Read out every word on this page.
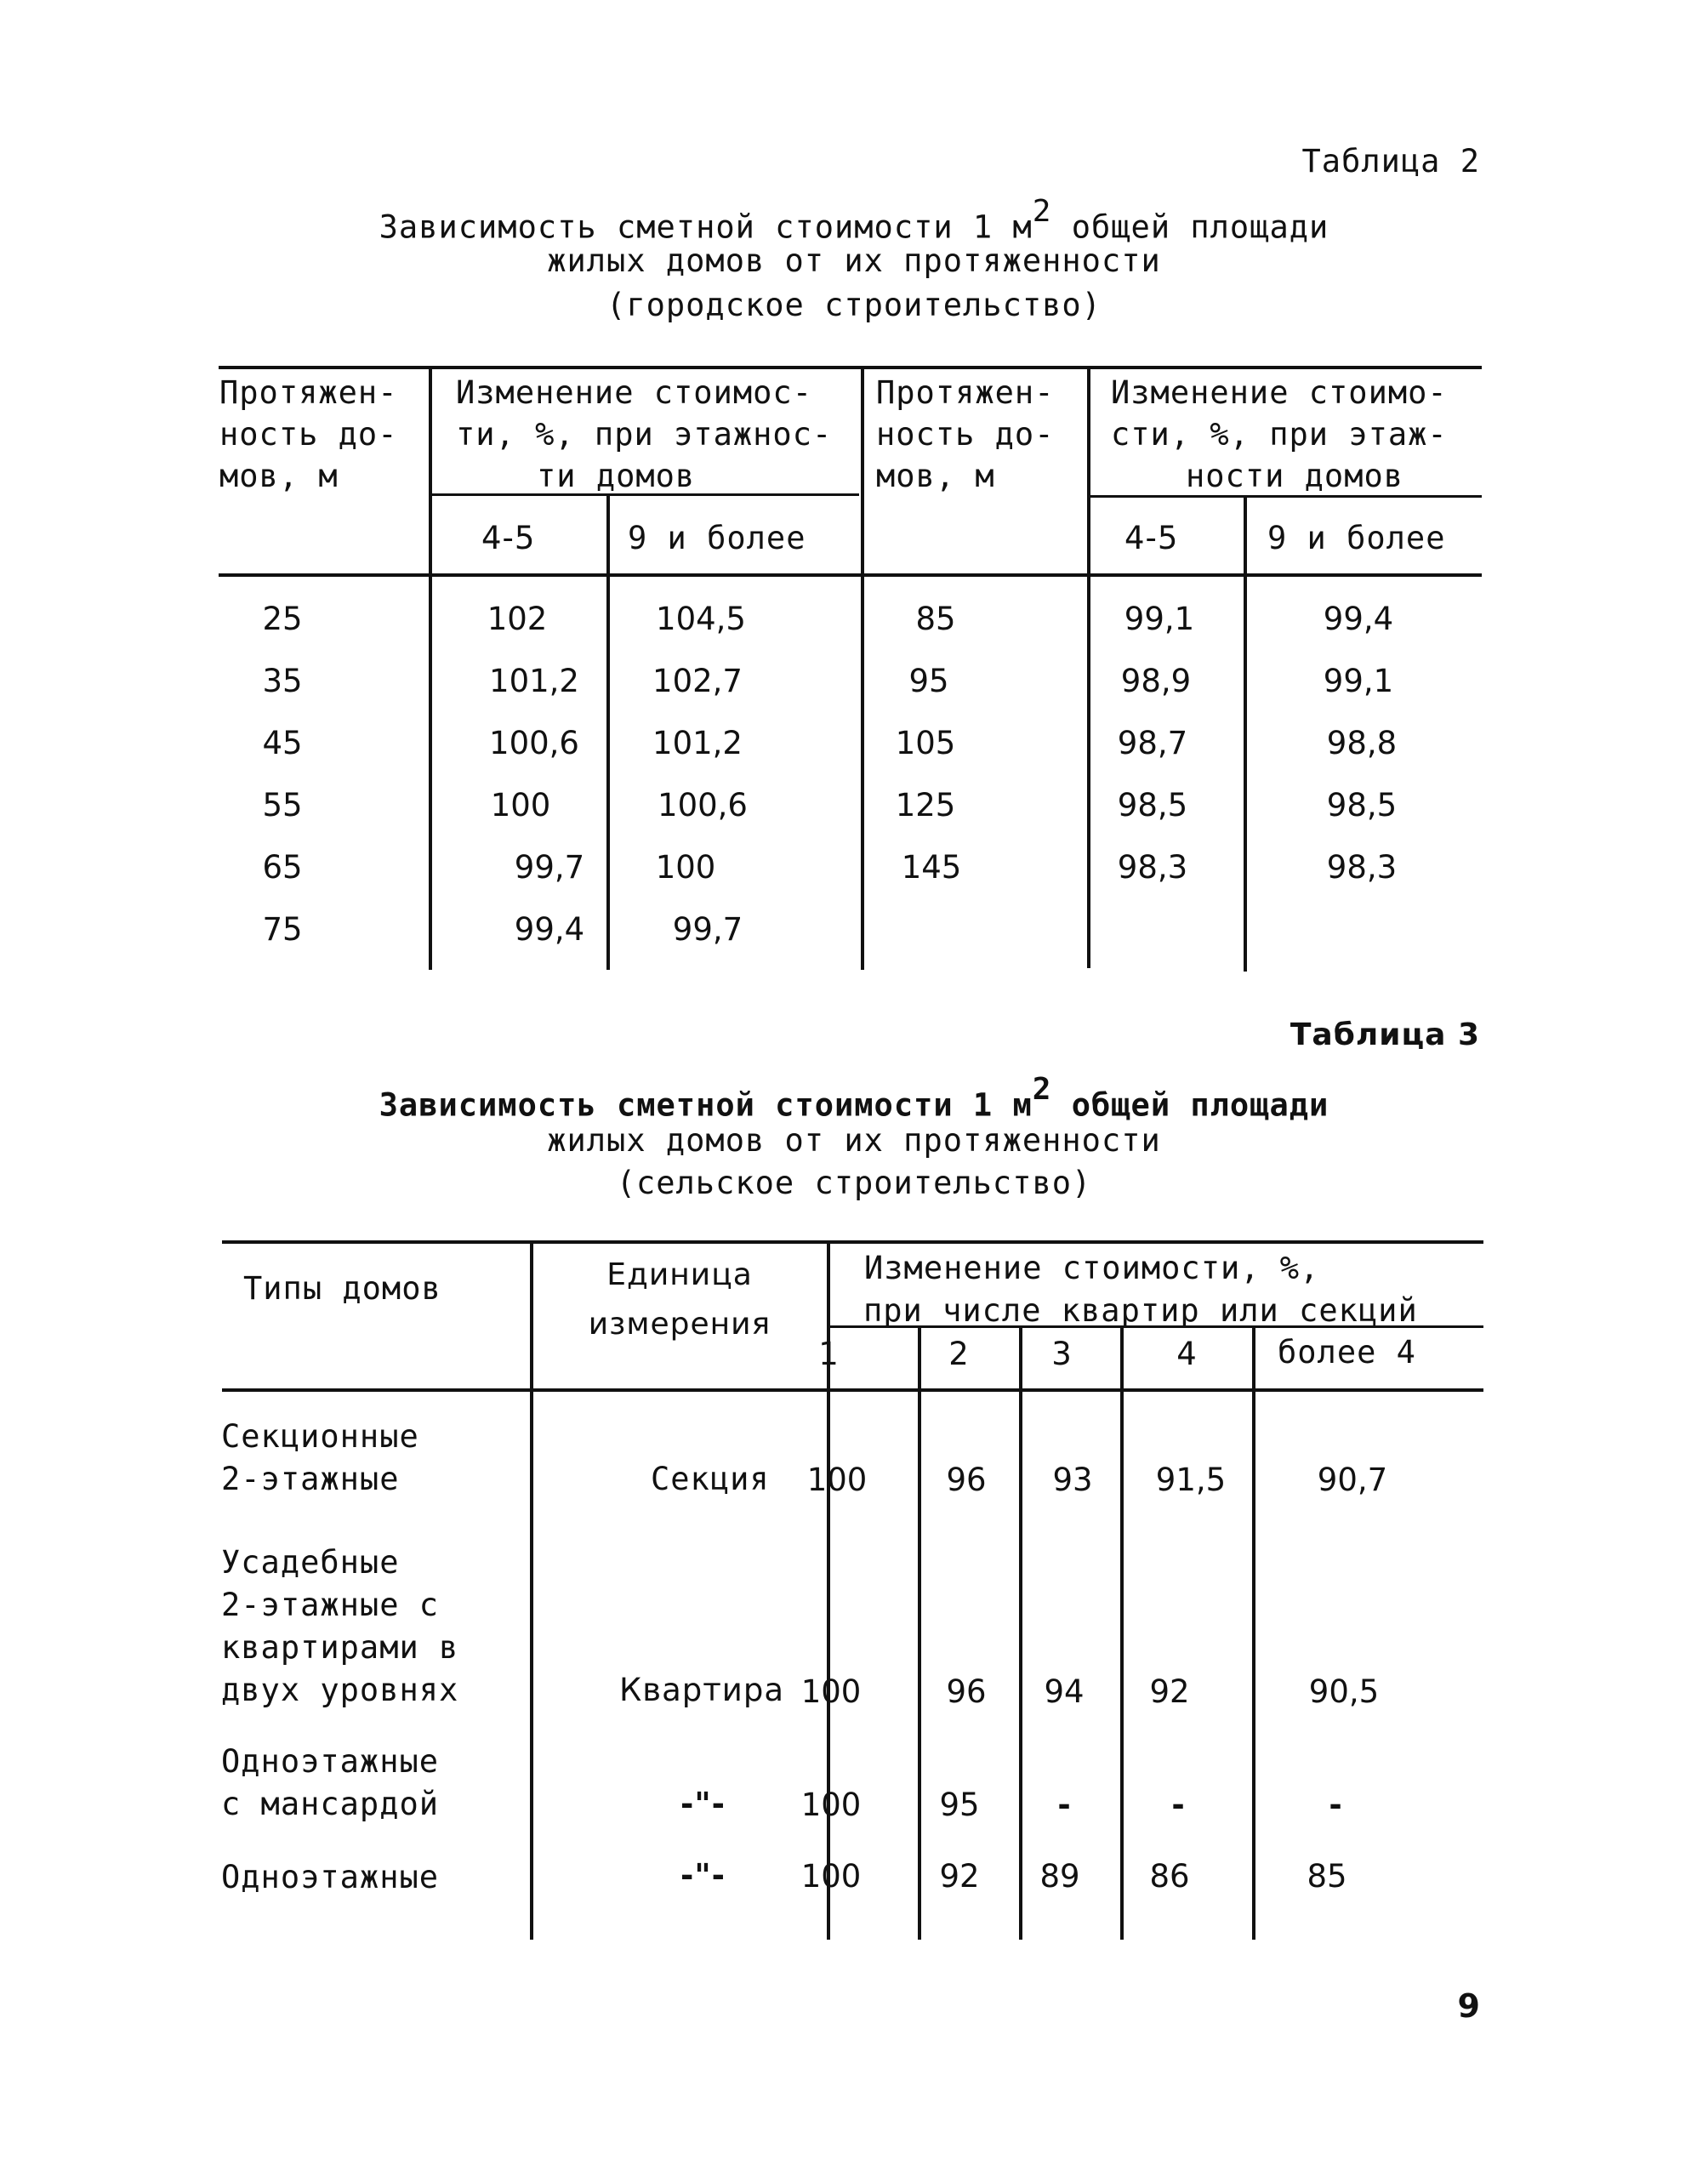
Таблица 2
Зависимость сметной стоимости 1 $м^2$ общей площади
жилых домов от их протяженности
(городское строительство)
Протяжен-
ность до-
мов, м
Изменение стоимос-
ти, %, при этажнос-
ти домов
Протяжен-
ность до-
мов, м
Изменение стоимо-
сти, %, при этаж-
ности домов
4-5	9 и более	4-5	9 и более
25	102	104,5	85	99,1	99,4
35	101,2	102,7	95	98,9	99,1
45	100,6	101,2	105	98,7	98,8
55	100	100,6	125	98,5	98,5
65	99,7	100	145	98,3	98,3
75	99,4	99,7
Таблица 3
Зависимость сметной стоимости 1 $м^2$ общей площади
жилых домов от их протяженности
(сельское строительство)
Типы домов	Единица
измерения
Изменение стоимости, %,
при числе квартир или секций
1	2	3	4	более 4
Секционные
2-этажные	Секция	100	96	93	91,5	90,7
Усадебные
2-этажные с
квартирами в
двух уровнях	Квартира 100	96	94	92	90,5
Одноэтажные
с мансардой	-"-	100	95	-	-	-
Одноэтажные	-"-	100	92	89	86	85
9
